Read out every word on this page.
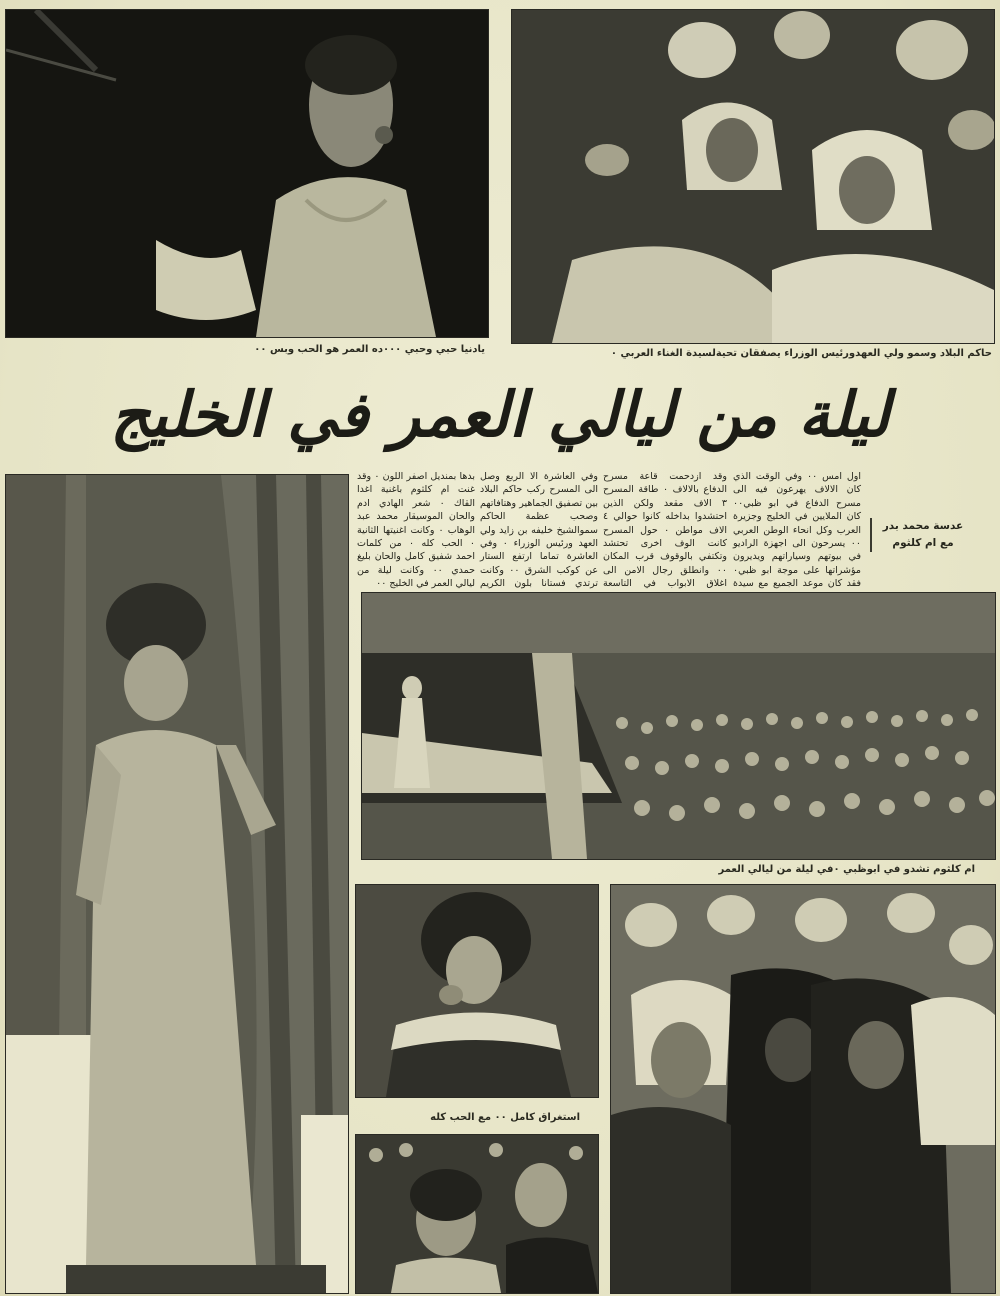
يادنيا حبي وحبي ٠٠٠ده العمر هو الحب وبس ٠٠	حاكم البلاد وسمو ولي العهدورئيس الوزراء يصفقان تحيةلسيدة الغناء العربي ٠
ليلة من ليالي العمر في الخليج
اول امس ٠٠ وفي الوقت الذي كان الالاف يهرعون فيه الى مسرح الدفاع في ابو ظبي٠٠ كان الملايين في الخليج وجزيرة العرب وكل انحاء الوطن العربي ٠٠ يسرحون الى اجهزة الراديو في بيوتهم وسياراتهم ويديرون مؤشراتها على موجة ابو ظبي٠ فقد كان موعد الجميع مع سيدة
وقد ازدحمت قاعة مسرح الدفاع بالالاف ٠ طاقة المسرح ٣ الاف مقعد ولكن الذين احتشدوا بداخله كانوا حوالي ٤ الاف مواطن ٠ حول المسرح كانت الوف اخرى تحتشد وتكتفي بالوقوف قرب المكان ٠٠ وانطلق رجال الامن الى اغلاق الابواب في التاسعة
وفي العاشرة الا الربع وصل الى المسرح ركب حاكم البلاد بين تصفيق الجماهير وهتافاتهم وصحب عظمة الحاكم سموالشيخ خليفه بن زايد ولي العهد ورئيس الوزراء ٠ وفي العاشرة تماما ارتفع الستار عن كوكب الشرق ٠٠ وكانت ترتدي فستانا بلون الكريم
بدها بمنديل اصفر اللون ٠ وقد غنت ام كلثوم باغنية اغدا القاك ٠ شعر الهادي ادم والحان الموسيقار محمد عبد الوهاب ٠ وكانت اغنيتها الثانية ٠ الحب كله ٠ من كلمات احمد شفيق كامل والحان بليغ حمدي ٠٠ وكانت ليلة من ليالي العمر في الخليج ٠٠
عدسة محمد بدر مع ام كلثوم
ام كلثوم تشدو في ابوظبي ٠في ليلة من ليالي العمر
استغراق كامل ٠٠ مع الحب كله
